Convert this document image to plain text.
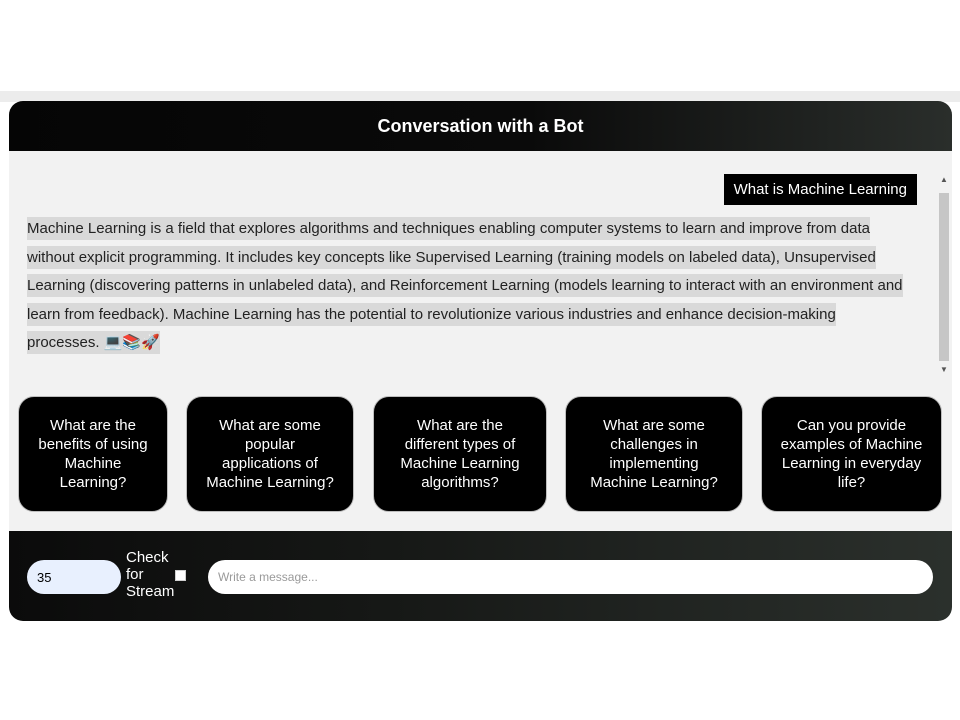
Conversation with a Bot
What is Machine Learning
Machine Learning is a field that explores algorithms and techniques enabling computer systems to learn and improve from data without explicit programming. It includes key concepts like Supervised Learning (training models on labeled data), Unsupervised Learning (discovering patterns in unlabeled data), and Reinforcement Learning (models learning to interact with an environment and learn from feedback). Machine Learning has the potential to revolutionize various industries and enhance decision-making processes. 💻📚🚀
▲
▼
What are the benefits of using Machine Learning?
What are some popular applications of Machine Learning?
What are the different types of Machine Learning algorithms?
What are some challenges in implementing Machine Learning?
Can you provide examples of Machine Learning in everyday life?
35
Check for Stream
Write a message...
